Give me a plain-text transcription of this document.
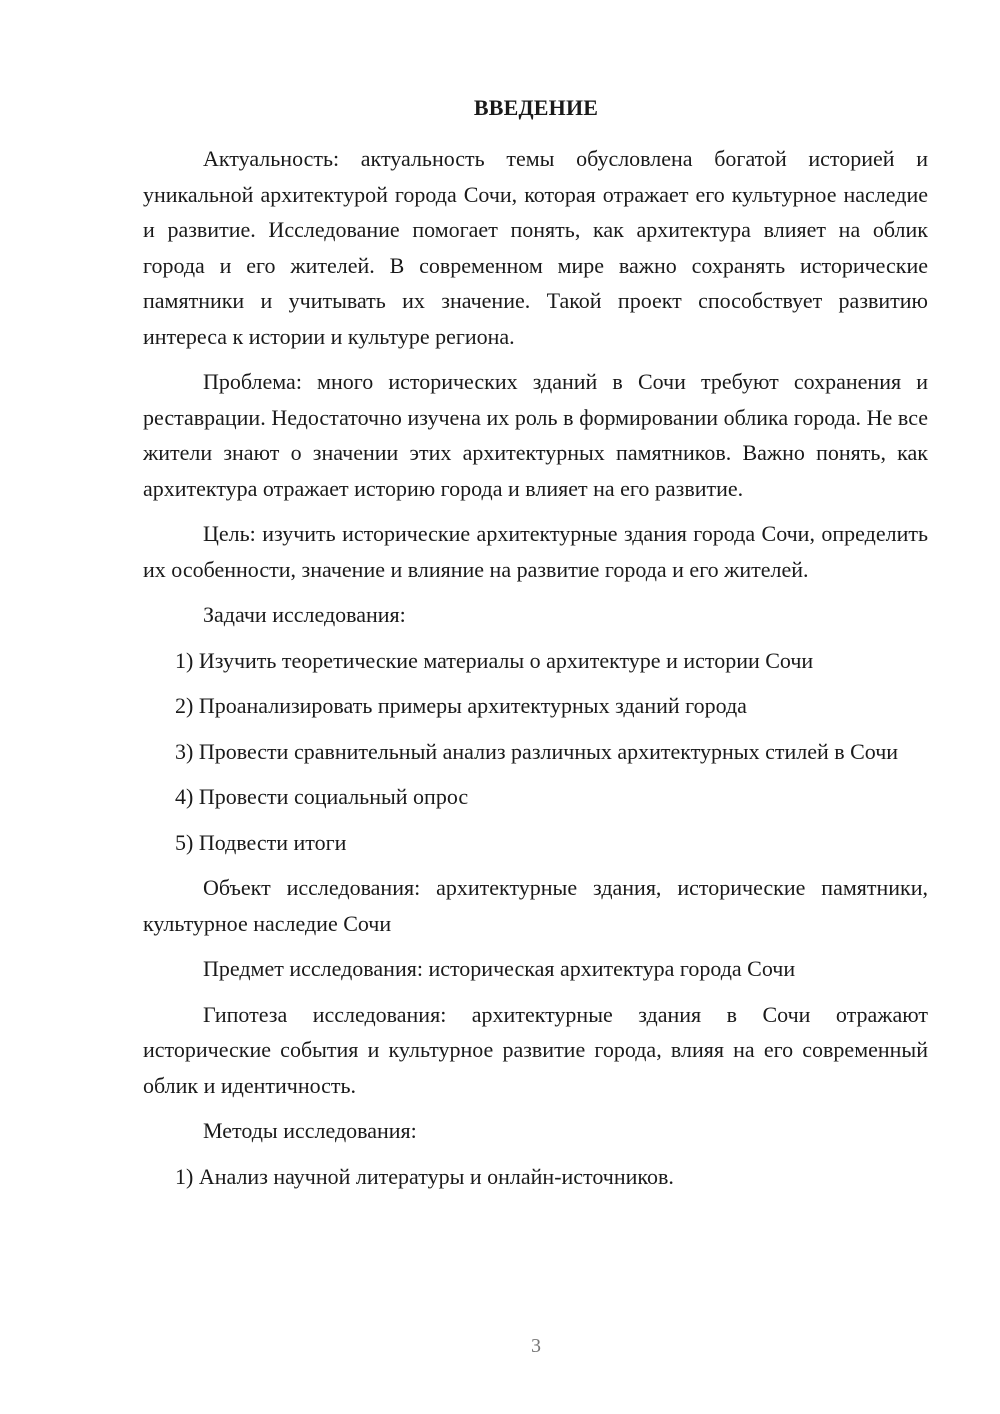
ВВЕДЕНИЕ

Актуальность: актуальность темы обусловлена богатой историей и уникальной архитектурой города Сочи, которая отражает его культурное наследие и развитие. Исследование помогает понять, как архитектура влияет на облик города и его жителей. В современном мире важно сохранять исторические памятники и учитывать их значение. Такой проект способствует развитию интереса к истории и культуре региона.

Проблема: много исторических зданий в Сочи требуют сохранения и реставрации. Недостаточно изучена их роль в формировании облика города. Не все жители знают о значении этих архитектурных памятников. Важно понять, как архитектура отражает историю города и влияет на его развитие.

Цель: изучить исторические архитектурные здания города Сочи, определить их особенности, значение и влияние на развитие города и его жителей.

Задачи исследования:

1) Изучить теоретические материалы о архитектуре и истории Сочи

2) Проанализировать примеры архитектурных зданий города

3) Провести сравнительный анализ различных архитектурных стилей в Сочи

4) Провести социальный опрос

5) Подвести итоги

Объект исследования: архитектурные здания, исторические памятники, культурное наследие Сочи

Предмет исследования: историческая архитектура города Сочи

Гипотеза исследования: архитектурные здания в Сочи отражают исторические события и культурное развитие города, влияя на его современный облик и идентичность.

Методы исследования:

1) Анализ научной литературы и онлайн-источников.

3
